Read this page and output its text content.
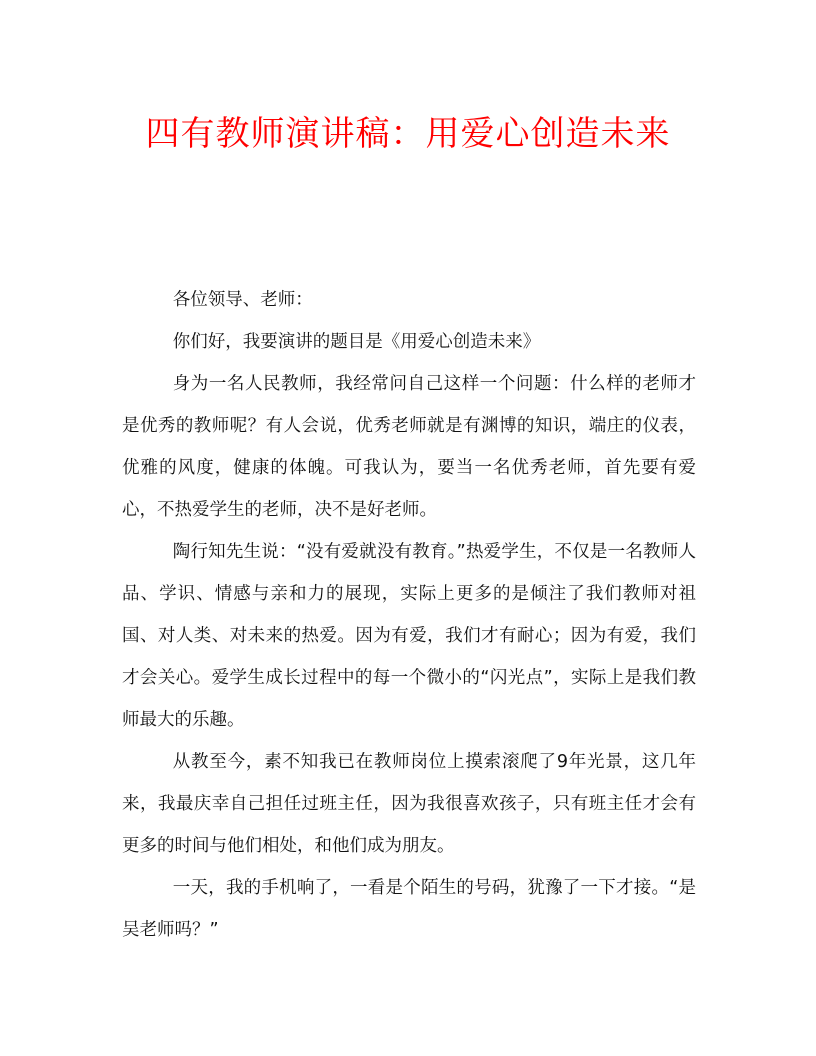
四有教师演讲稿：用爱心创造未来

各位领导、老师：

你们好，我要演讲的题目是《用爱心创造未来》

身为一名人民教师，我经常问自己这样一个问题：什么样的老师才是优秀的教师呢？有人会说，优秀老师就是有渊博的知识，端庄的仪表，优雅的风度，健康的体魄。可我认为，要当一名优秀老师，首先要有爱心，不热爱学生的老师，决不是好老师。

陶行知先生说：“没有爱就没有教育。”热爱学生，不仅是一名教师人品、学识、情感与亲和力的展现，实际上更多的是倾注了我们教师对祖国、对人类、对未来的热爱。因为有爱，我们才有耐心；因为有爱，我们才会关心。爱学生成长过程中的每一个微小的“闪光点”，实际上是我们教师最大的乐趣。

从教至今，素不知我已在教师岗位上摸索滚爬了9年光景，这几年来，我最庆幸自己担任过班主任，因为我很喜欢孩子，只有班主任才会有更多的时间与他们相处，和他们成为朋友。

一天，我的手机响了，一看是个陌生的号码，犹豫了一下才接。“是吴老师吗？”
